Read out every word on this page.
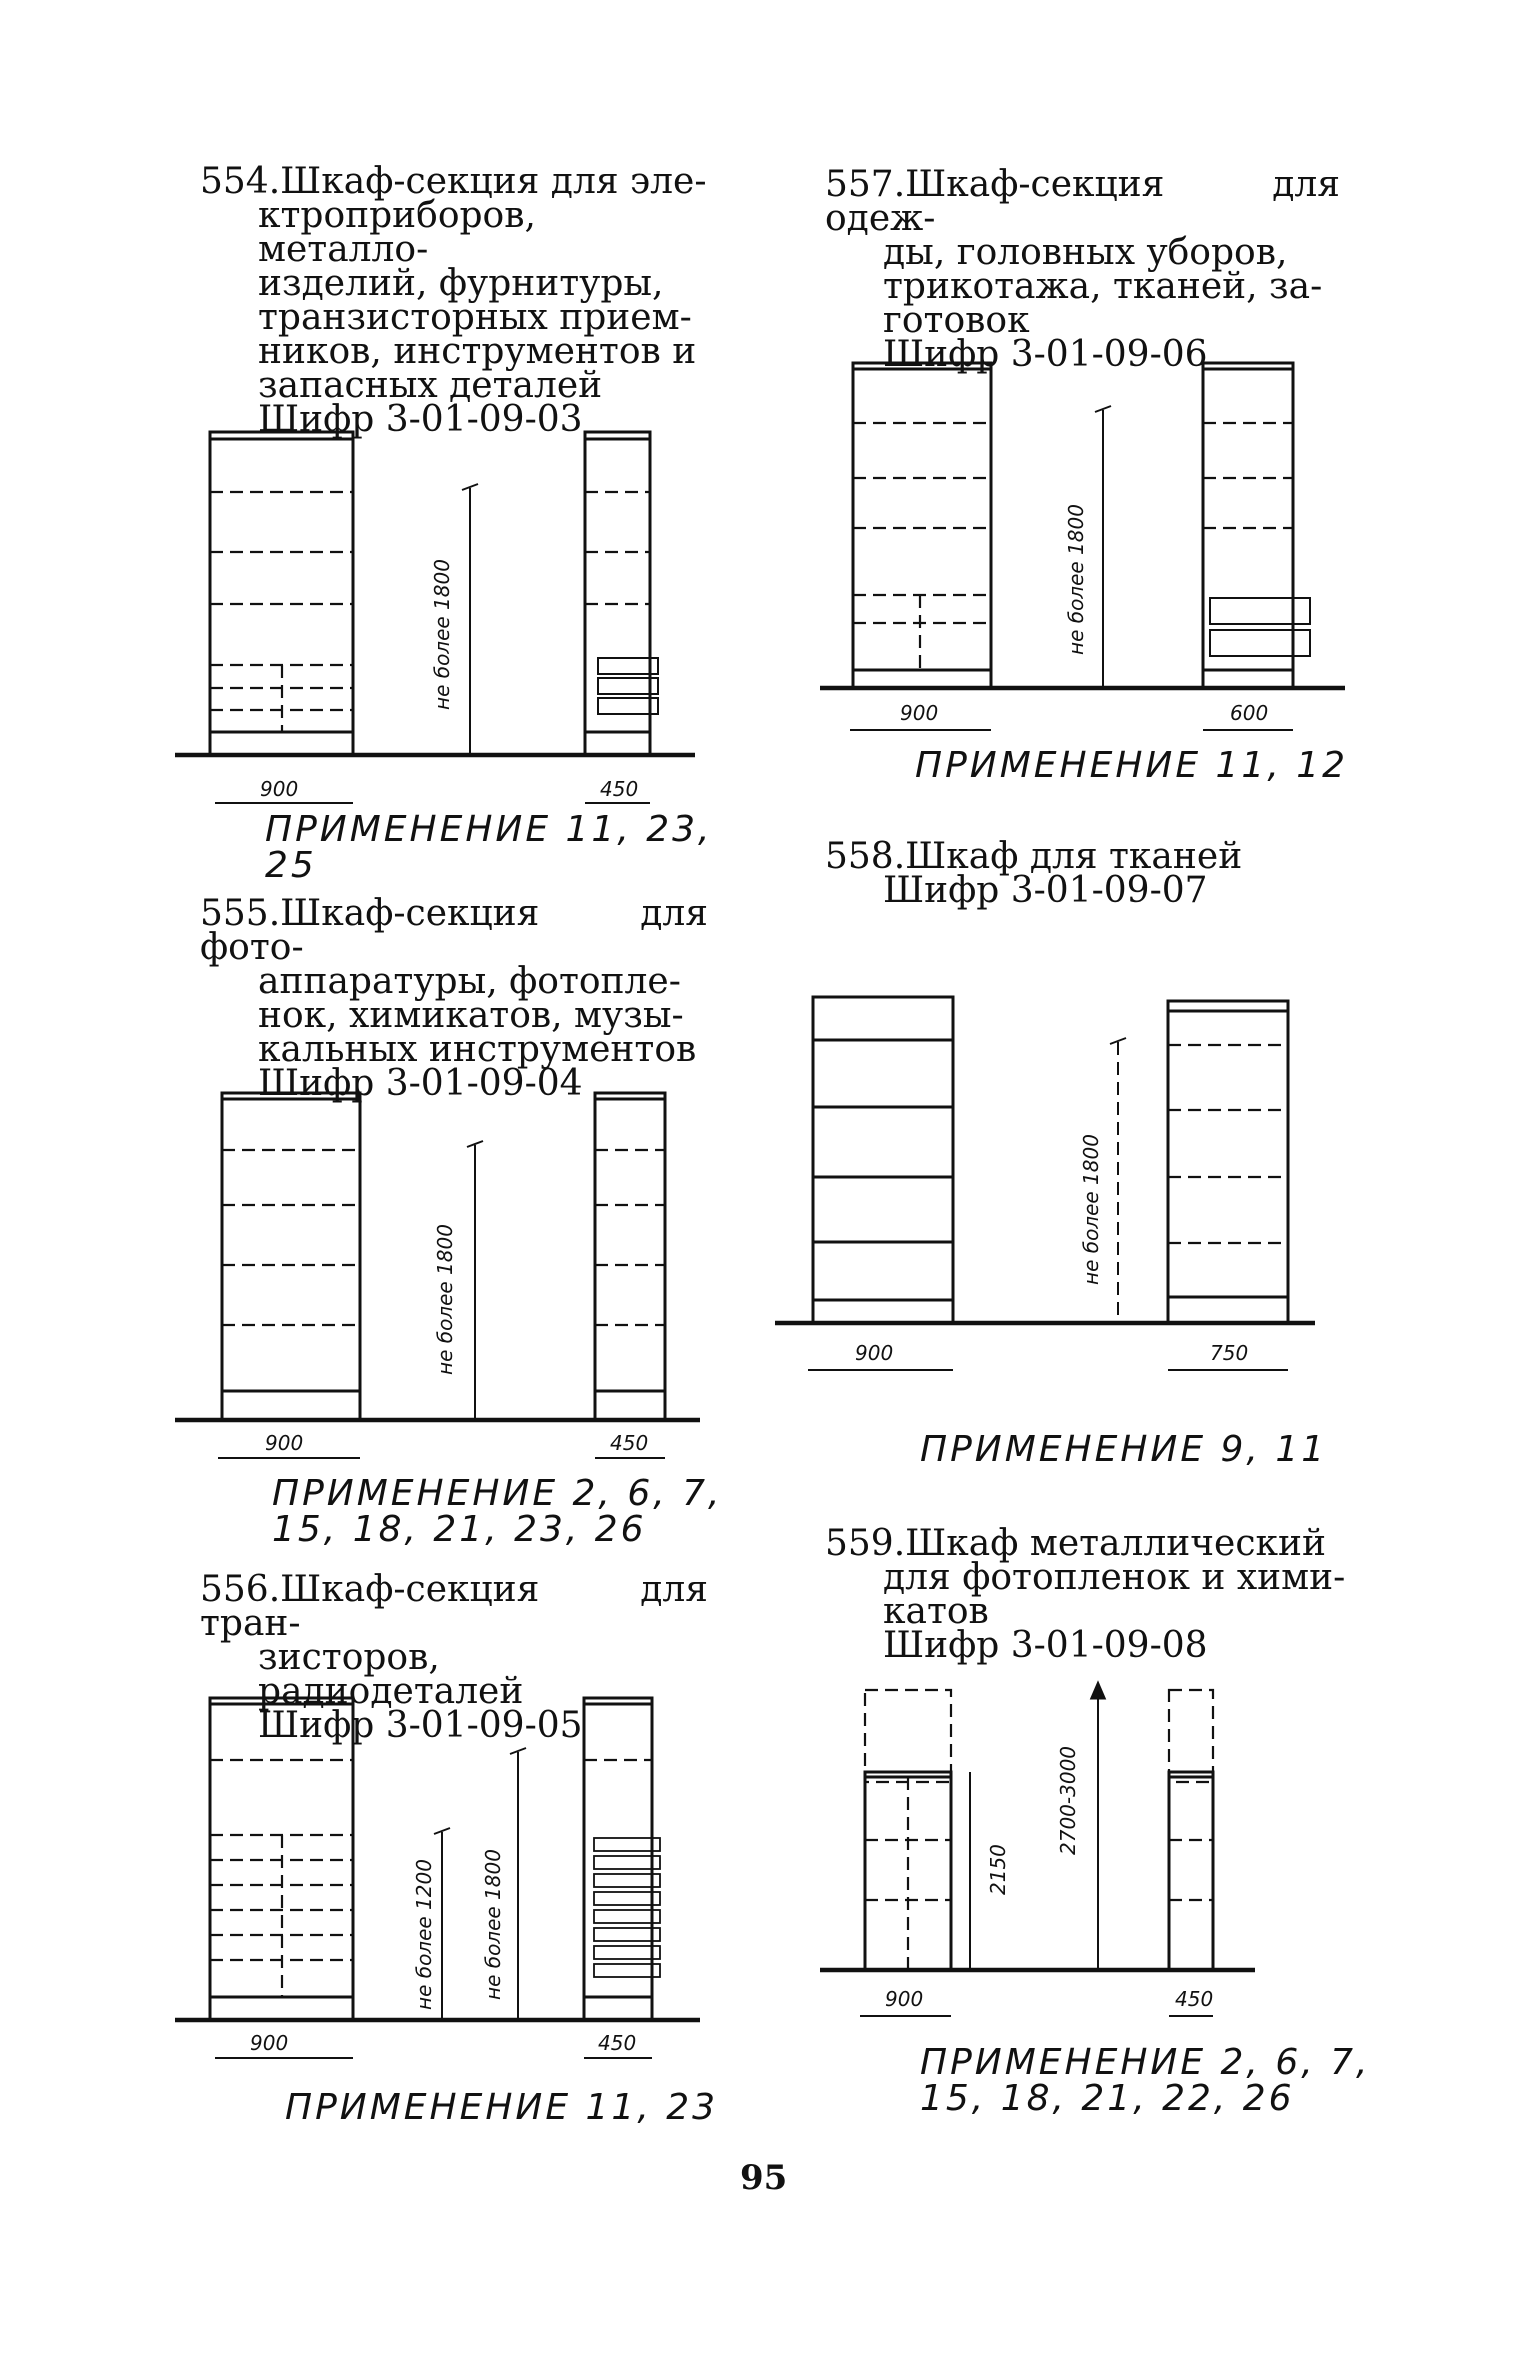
554.Шкаф-секция для эле-
ктроприборов, металло-
изделий, фурнитуры,
транзисторных прием-
ников, инструментов и
запасных деталей
Шифр 3-01-09-03
не более 1800
900	450
ПРИМЕНЕНИЕ 11, 23,
25
555.Шкаф-секция для фото-
аппаратуры, фотопле-
нок, химикатов, музы-
кальных инструментов
Шифр 3-01-09-04
не более 1800
900	450
ПРИМЕНЕНИЕ 2, 6, 7,
15, 18, 21, 23, 26
556.Шкаф-секция для тран-
зисторов, радиодеталей
Шифр 3-01-09-05
не более 1200 не более 1800
900	450
ПРИМЕНЕНИЕ 11, 23
557.Шкаф-секция для одеж-
ды, головных уборов,
трикотажа, тканей, за-
готовок
Шифр 3-01-09-06
не более 1800
900	600
ПРИМЕНЕНИЕ 11, 12
558.Шкаф для тканей
Шифр 3-01-09-07
не более 1800
900	750
ПРИМЕНЕНИЕ 9, 11
559.Шкаф металлический
для фотопленок и хими-
катов
Шифр 3-01-09-08
2150
2700-3000
900	450
ПРИМЕНЕНИЕ 2, 6, 7,
15, 18, 21, 22, 26
95
